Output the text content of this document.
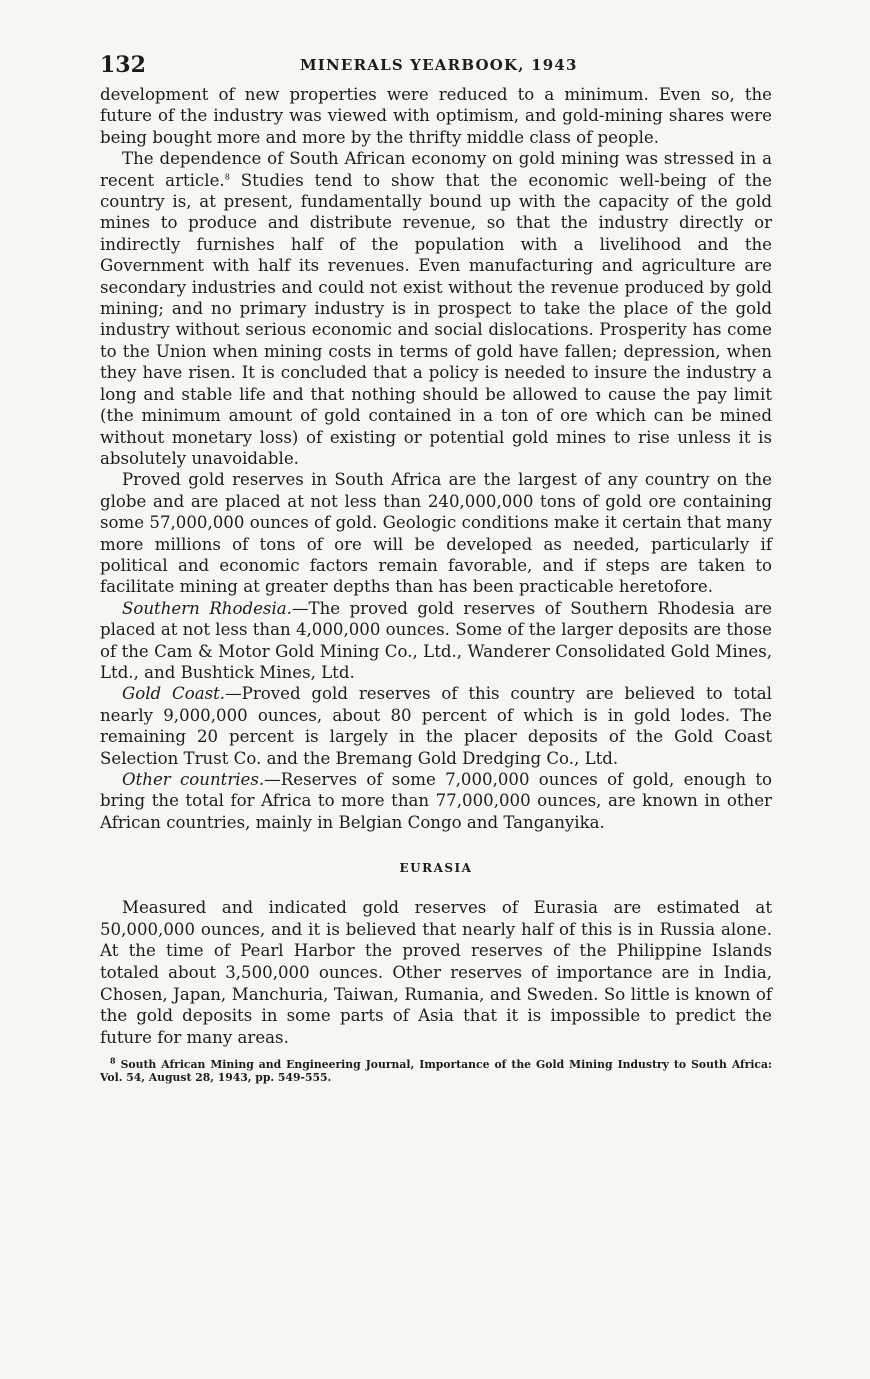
132	MINERALS YEARBOOK, 1943

development of new properties were reduced to a minimum. Even so, the future of the industry was viewed with optimism, and gold-mining shares were being bought more and more by the thrifty middle class of people.

The dependence of South African economy on gold mining was stressed in a recent article.$^8$ Studies tend to show that the economic well-being of the country is, at present, fundamentally bound up with the capacity of the gold mines to produce and distribute revenue, so that the industry directly or indirectly furnishes half of the population with a livelihood and the Government with half its revenues. Even manufacturing and agriculture are secondary industries and could not exist without the revenue produced by gold mining; and no primary industry is in prospect to take the place of the gold industry without serious economic and social dislocations. Prosperity has come to the Union when mining costs in terms of gold have fallen; depression, when they have risen. It is concluded that a policy is needed to insure the industry a long and stable life and that nothing should be allowed to cause the pay limit (the minimum amount of gold contained in a ton of ore which can be mined without monetary loss) of existing or potential gold mines to rise unless it is absolutely unavoidable.

Proved gold reserves in South Africa are the largest of any country on the globe and are placed at not less than 240,000,000 tons of gold ore containing some 57,000,000 ounces of gold. Geologic conditions make it certain that many more millions of tons of ore will be developed as needed, particularly if political and economic factors remain favorable, and if steps are taken to facilitate mining at greater depths than has been practicable heretofore.

Southern Rhodesia.—The proved gold reserves of Southern Rhodesia are placed at not less than 4,000,000 ounces. Some of the larger deposits are those of the Cam & Motor Gold Mining Co., Ltd., Wanderer Consolidated Gold Mines, Ltd., and Bushtick Mines, Ltd.

Gold Coast.—Proved gold reserves of this country are believed to total nearly 9,000,000 ounces, about 80 percent of which is in gold lodes. The remaining 20 percent is largely in the placer deposits of the Gold Coast Selection Trust Co. and the Bremang Gold Dredging Co., Ltd.

Other countries.—Reserves of some 7,000,000 ounces of gold, enough to bring the total for Africa to more than 77,000,000 ounces, are known in other African countries, mainly in Belgian Congo and Tanganyika.

EURASIA

Measured and indicated gold reserves of Eurasia are estimated at 50,000,000 ounces, and it is believed that nearly half of this is in Russia alone. At the time of Pearl Harbor the proved reserves of the Philippine Islands totaled about 3,500,000 ounces. Other reserves of importance are in India, Chosen, Japan, Manchuria, Taiwan, Rumania, and Sweden. So little is known of the gold deposits in some parts of Asia that it is impossible to predict the future for many areas.

$^8$ South African Mining and Engineering Journal, Importance of the Gold Mining Industry to South Africa: Vol. 54, August 28, 1943, pp. 549-555.
